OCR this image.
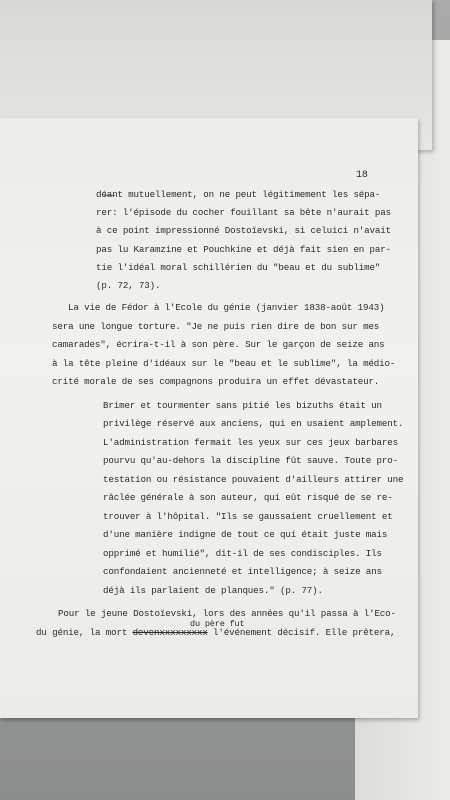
18
dé̶a̶nt mutuellement, on ne peut légitimement les sépa-
rer: l'épisode du cocher fouillant sa bête n'aurait pas
à ce point impressionné Dostoïevski, si celuici n'avait
pas lu Karamzine et Pouchkine et déjà fait sien en par-
tie l'idéal moral schillérien du "beau et du sublime"
(p. 72, 73).
La vie de Fédor à l'Ecole du génie (janvier 1838-août 1943)
sera une longue torture. "Je ne puis rien dire de bon sur mes
camarades", écrira-t-il à son père. Sur le garçon de seize ans
à la tête pleine d'idéaux sur le "beau et le sublime", la médio-
crité morale de ses compagnons produira un effet dévastateur.
Brimer et tourmenter sans pitié les bizuths était un
privilège réservé aux anciens, qui en usaient amplement.
L'administration fermait les yeux sur ces jeux barbares
pourvu qu'au-dehors la discipline fût sauve. Toute pro-
testation ou résistance pouvaient d'ailleurs attirer une
râclée générale à son auteur, qui eût risqué de se re-
trouver à l'hôpital. "Ils se gaussaient cruellement et
d'une manière indigne de tout ce qui était juste mais
opprimé et humilié", dit-il de ses condisciples. Ils
confondaient ancienneté et intelligence; à seize ans
déjà ils parlaient de planques." (p. 77).
Pour le jeune Dostoïevski, lors des années qu'il passa à l'Eco-
du père fut
du génie, la mort devenxxxxxxxxx l'événement décisif. Elle prêtera,
